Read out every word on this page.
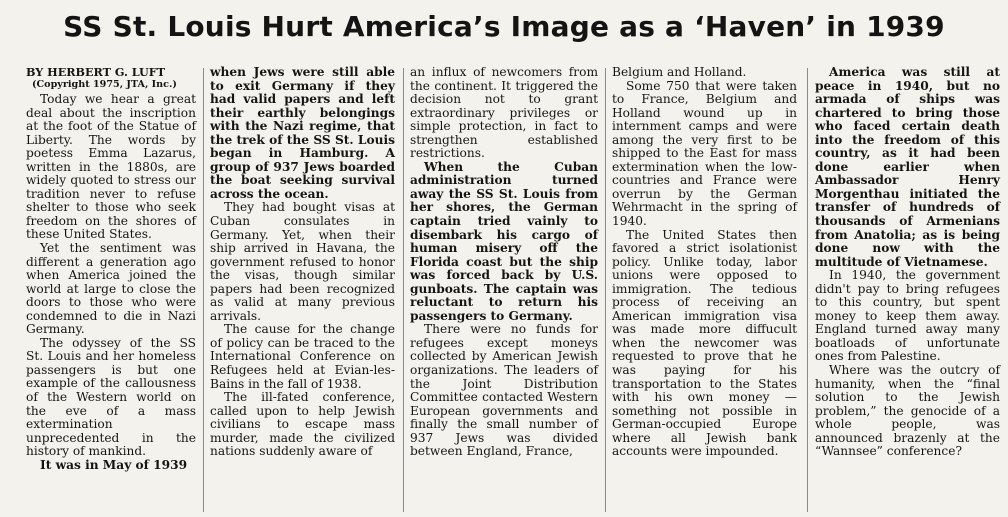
SS St. Louis Hurt America’s Image as a ‘Haven’ in 1939

BY HERBERT G. LUFT

(Copyright 1975, JTA, Inc.)

Today we hear a great deal about the inscription at the foot of the Statue of Liberty. The words by poetess Emma Lazarus, written in the 1880s, are widely quoted to stress our tradition never to refuse shelter to those who seek freedom on the shores of these United States.

Yet the sentiment was different a generation ago when America joined the world at large to close the doors to those who were condemned to die in Nazi Germany.

The odyssey of the SS St. Louis and her homeless passengers is but one example of the callousness of the Western world on the eve of a mass extermination unprecedented in the history of mankind.

It was in May of 1939

when Jews were still able to exit Germany if they had valid papers and left their earthly belongings with the Nazi regime, that the trek of the SS St. Louis began in Hamburg. A group of 937 Jews boarded the boat seeking survival across the ocean.

They had bought visas at Cuban consulates in Germany. Yet, when their ship arrived in Havana, the government refused to honor the visas, though similar papers had been recognized as valid at many previous arrivals.

The cause for the change of policy can be traced to the International Conference on Refugees held at Evian-les-Bains in the fall of 1938.

The ill-fated conference, called upon to help Jewish civilians to escape mass murder, made the civilized nations suddenly aware of

an influx of newcomers from the continent. It triggered the decision not to grant extraordinary privileges or simple protection, in fact to strengthen established restrictions.

When the Cuban administration turned away the SS St. Louis from her shores, the German captain tried vainly to disembark his cargo of human misery off the Florida coast but the ship was forced back by U.S. gunboats. The captain was reluctant to return his passengers to Germany.

There were no funds for refugees except moneys collected by American Jewish organizations. The leaders of the Joint Distribution Committee contacted Western European governments and finally the small number of 937 Jews was divided between England, France,

Belgium and Holland.

Some 750 that were taken to France, Belgium and Holland wound up in internment camps and were among the very first to be shipped to the East for mass extermination when the low-countries and France were overrun by the German Wehrmacht in the spring of 1940.

The United States then favored a strict isolationist policy. Unlike today, labor unions were opposed to immigration. The tedious process of receiving an American immigration visa was made more diffucult when the newcomer was requested to prove that he was paying for his transportation to the States with his own money — something not possible in German-occupied Europe where all Jewish bank accounts were impounded.

America was still at peace in 1940, but no armada of ships was chartered to bring those who faced certain death into the freedom of this country, as it had been done earlier when Ambassador Henry Morgenthau initiated the transfer of hundreds of thousands of Armenians from Anatolia; as is being done now with the multitude of Vietnamese.

In 1940, the government didn't pay to bring refugees to this country, but spent money to keep them away. England turned away many boatloads of unfortunate ones from Palestine.

Where was the outcry of humanity, when the “final solution to the Jewish problem,” the genocide of a whole people, was announced brazenly at the “Wannsee” conference?
